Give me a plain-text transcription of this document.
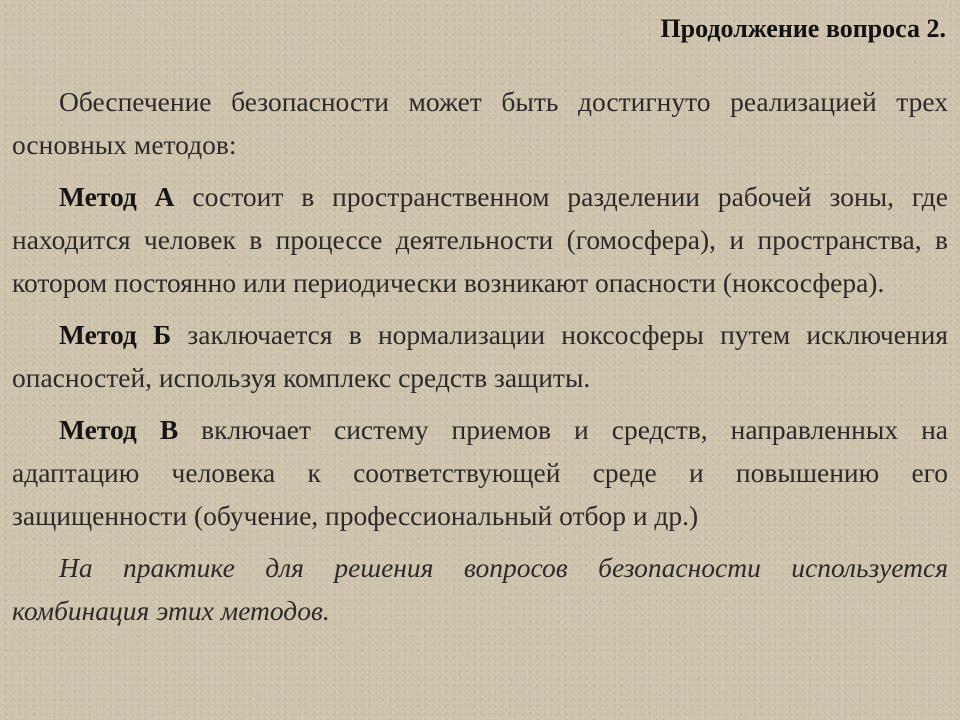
Продолжение вопроса 2.

Обеспечение безопасности может быть достигнуто реализацией трех основных методов:

Метод А состоит в пространственном разделении рабочей зоны, где находится человек в процессе деятельности (гомосфера), и пространства, в котором постоянно или периодически возникают опасности (ноксосфера).

Метод Б заключается в нормализации ноксосферы путем исключения опасностей, используя комплекс средств защиты.

Метод В включает систему приемов и средств, направленных на адаптацию человека к соответствующей среде и повышению его защищенности (обучение, профессиональный отбор и др.)

На практике для решения вопросов безопасности используется комбинация этих методов.
